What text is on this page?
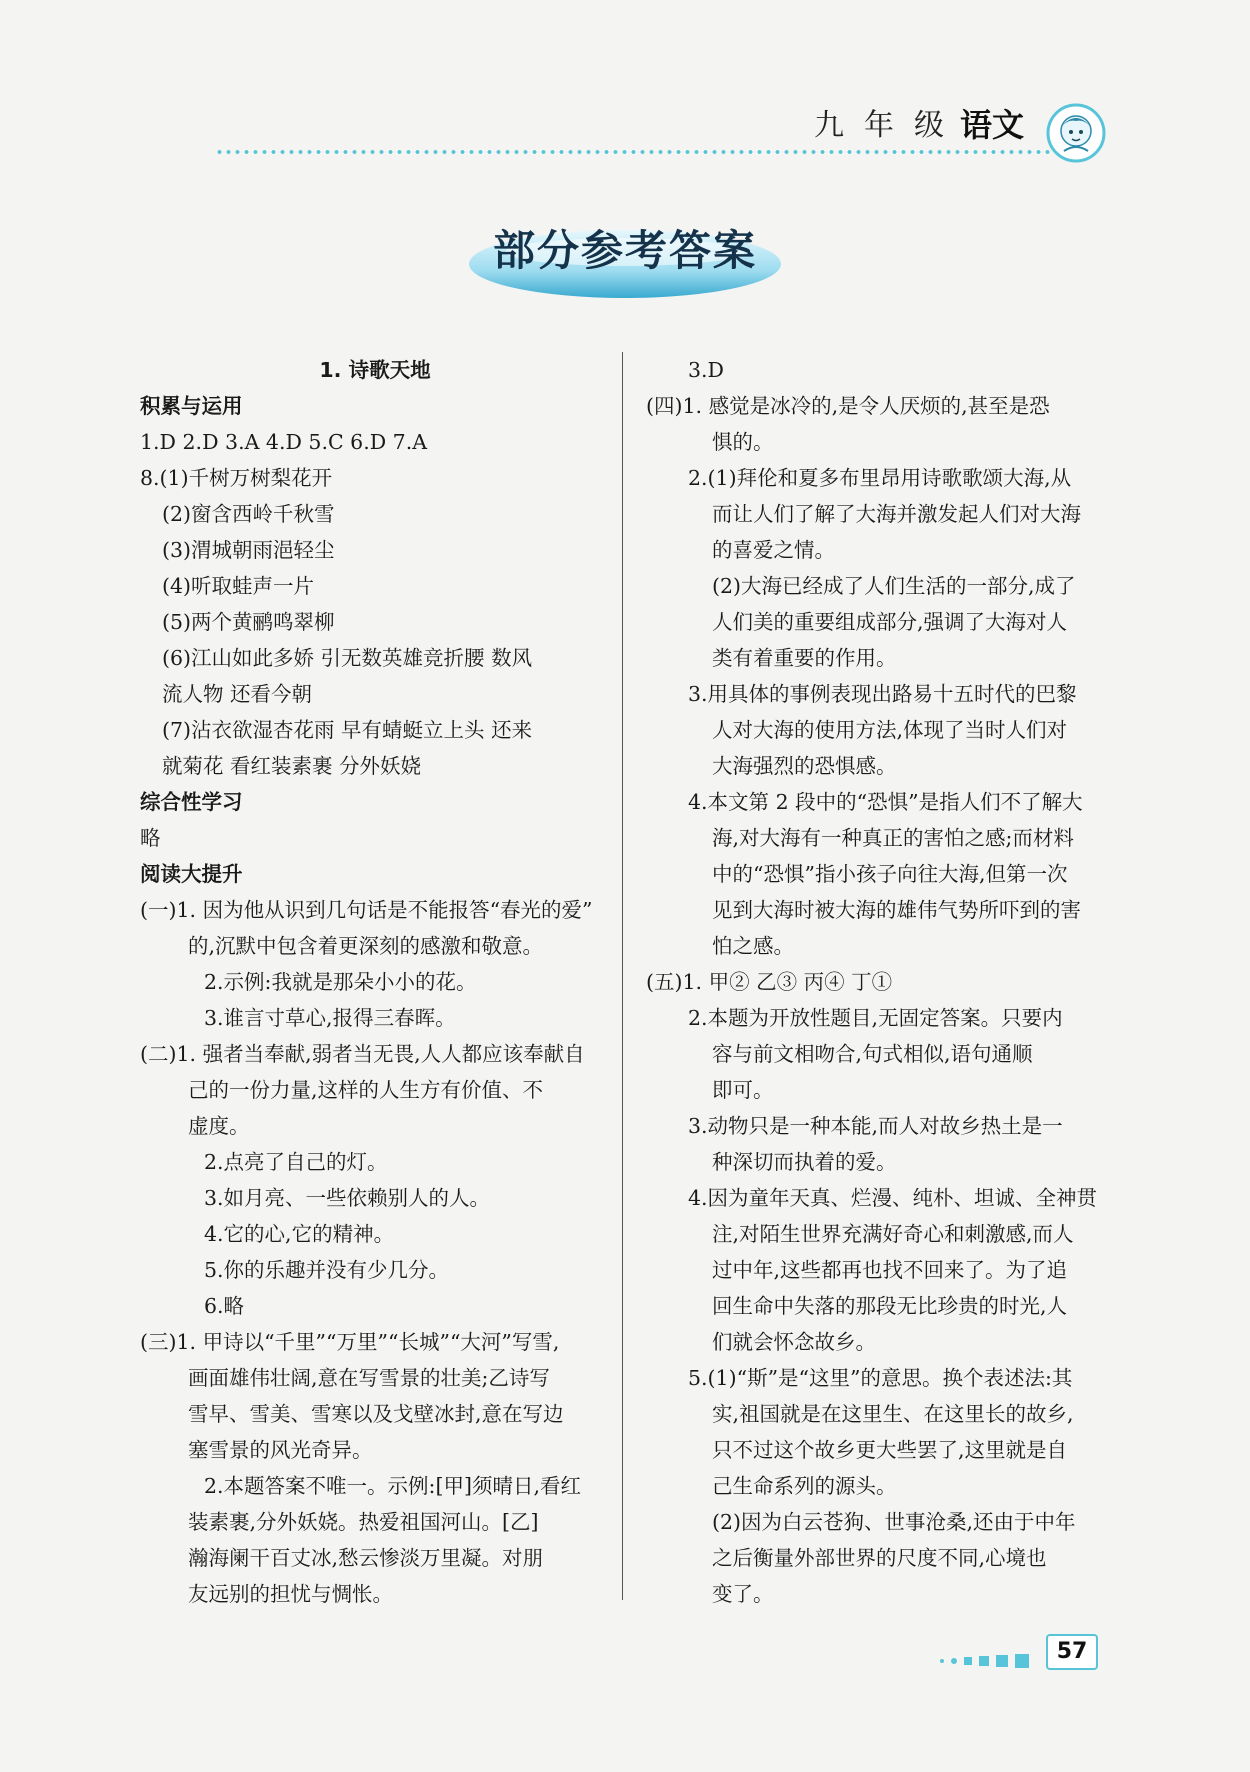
九 年 级 语文
部分参考答案
1. 诗歌天地
积累与运用
1.D 2.D 3.A 4.D 5.C 6.D 7.A
8.(1)千树万树梨花开
(2)窗含西岭千秋雪
(3)渭城朝雨浥轻尘
(4)听取蛙声一片
(5)两个黄鹂鸣翠柳
(6)江山如此多娇 引无数英雄竞折腰 数风
流人物 还看今朝
(7)沾衣欲湿杏花雨 早有蜻蜓立上头 还来
就菊花 看红装素裹 分外妖娆
综合性学习
略
阅读大提升
(一)1. 因为他从识到几句话是不能报答“春光的爱”
的,沉默中包含着更深刻的感激和敬意。
2.示例:我就是那朵小小的花。
3.谁言寸草心,报得三春晖。
(二)1. 强者当奉献,弱者当无畏,人人都应该奉献自
己的一份力量,这样的人生方有价值、不
虚度。
2.点亮了自己的灯。
3.如月亮、一些依赖别人的人。
4.它的心,它的精神。
5.你的乐趣并没有少几分。
6.略
(三)1. 甲诗以“千里”“万里”“长城”“大河”写雪,
画面雄伟壮阔,意在写雪景的壮美;乙诗写
雪早、雪美、雪寒以及戈壁冰封,意在写边
塞雪景的风光奇异。
2.本题答案不唯一。示例:[甲]须晴日,看红
装素裹,分外妖娆。热爱祖国河山。[乙]
瀚海阑干百丈冰,愁云惨淡万里凝。对朋
友远别的担忧与惆怅。
3.D
(四)1. 感觉是冰冷的,是令人厌烦的,甚至是恐
惧的。
2.(1)拜伦和夏多布里昂用诗歌歌颂大海,从
而让人们了解了大海并激发起人们对大海
的喜爱之情。
(2)大海已经成了人们生活的一部分,成了
人们美的重要组成部分,强调了大海对人
类有着重要的作用。
3.用具体的事例表现出路易十五时代的巴黎
人对大海的使用方法,体现了当时人们对
大海强烈的恐惧感。
4.本文第 2 段中的“恐惧”是指人们不了解大
海,对大海有一种真正的害怕之感;而材料
中的“恐惧”指小孩子向往大海,但第一次
见到大海时被大海的雄伟气势所吓到的害
怕之感。
(五)1. 甲② 乙③ 丙④ 丁①
2.本题为开放性题目,无固定答案。只要内
容与前文相吻合,句式相似,语句通顺
即可。
3.动物只是一种本能,而人对故乡热土是一
种深切而执着的爱。
4.因为童年天真、烂漫、纯朴、坦诚、全神贯
注,对陌生世界充满好奇心和刺激感,而人
过中年,这些都再也找不回来了。为了追
回生命中失落的那段无比珍贵的时光,人
们就会怀念故乡。
5.(1)“斯”是“这里”的意思。换个表述法:其
实,祖国就是在这里生、在这里长的故乡,
只不过这个故乡更大些罢了,这里就是自
己生命系列的源头。
(2)因为白云苍狗、世事沧桑,还由于中年
之后衡量外部世界的尺度不同,心境也
变了。
57
